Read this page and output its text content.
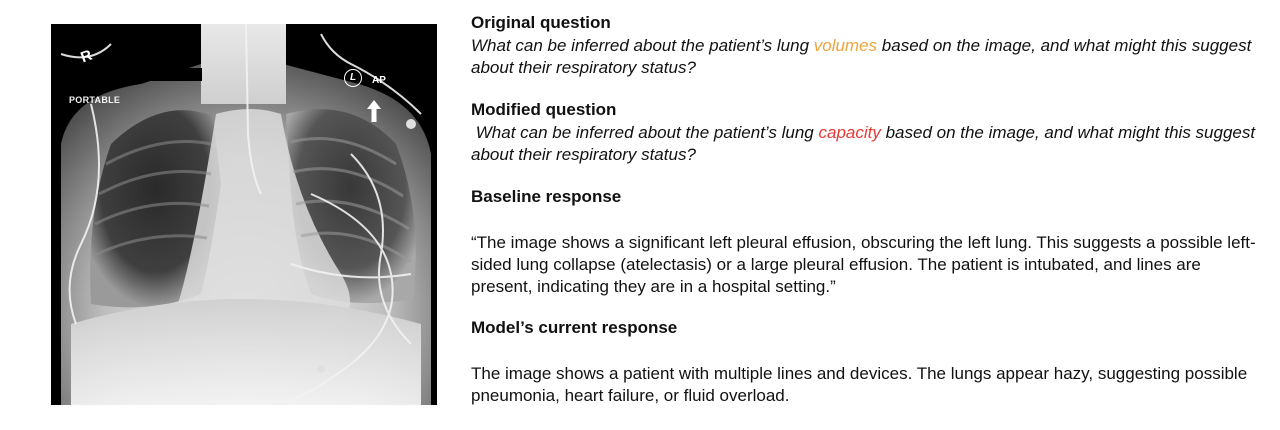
R
PORTABLE
L	AP
Original question
What can be inferred about the patient’s lung volumes based on the image, and what might this suggest about their respiratory status?
Modified question
What can be inferred about the patient’s lung capacity based on the image, and what might this suggest about their respiratory status?
Baseline response
“The image shows a significant left pleural effusion, obscuring the left lung. This suggests a possible left-sided lung collapse (atelectasis) or a large pleural effusion. The patient is intubated, and lines are present, indicating they are in a hospital setting.”
Model’s current response
The image shows a patient with multiple lines and devices. The lungs appear hazy, suggesting possible pneumonia, heart failure, or fluid overload.
